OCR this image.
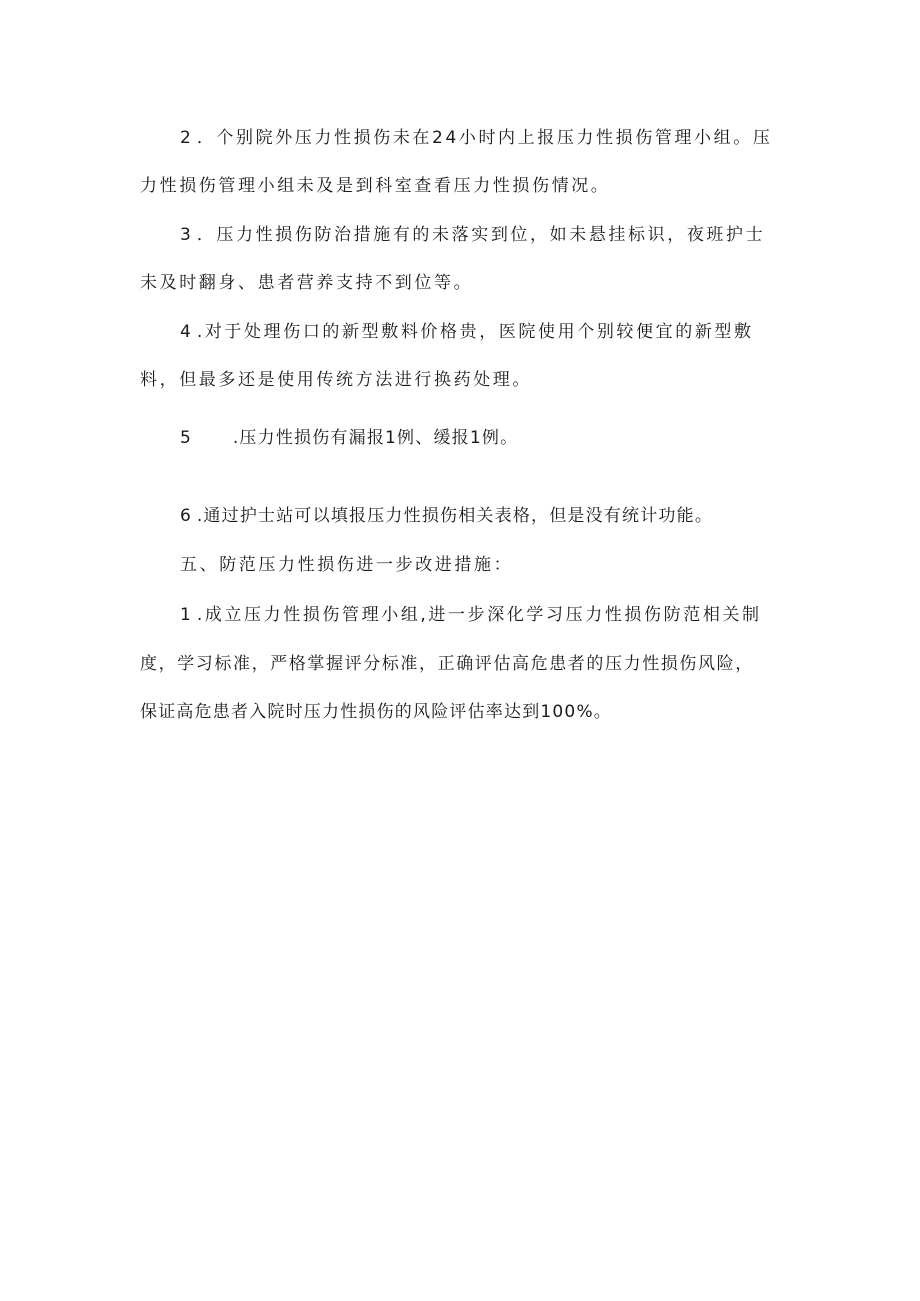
2 ．个别院外压力性损伤未在24小时内上报压力性损伤管理小组。压
力性损伤管理小组未及是到科室查看压力性损伤情况。
3 ．压力性损伤防治措施有的未落实到位，如未悬挂标识，夜班护士
未及时翻身、患者营养支持不到位等。
4 .对于处理伤口的新型敷料价格贵，医院使用个别较便宜的新型敷
料，但最多还是使用传统方法进行换药处理。
5 .压力性损伤有漏报1例、缓报1例。
6 .通过护士站可以填报压力性损伤相关表格，但是没有统计功能。
五、防范压力性损伤进一步改进措施：
1 .成立压力性损伤管理小组,进一步深化学习压力性损伤防范相关制
度，学习标准，严格掌握评分标准，正确评估高危患者的压力性损伤风险，
保证高危患者入院时压力性损伤的风险评估率达到100%。
